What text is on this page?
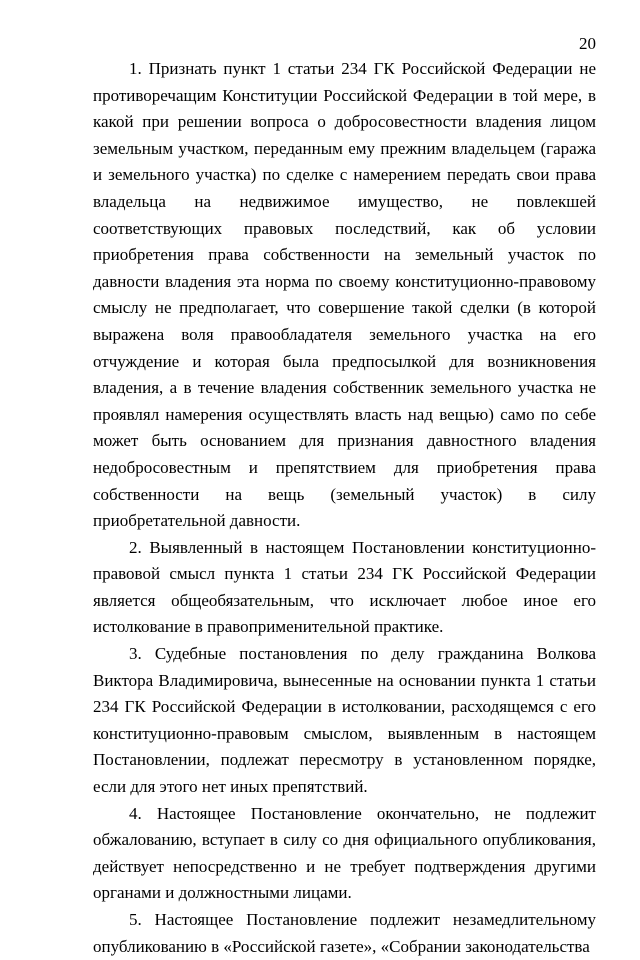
20

1. Признать пункт 1 статьи 234 ГК Российской Федерации не противоречащим Конституции Российской Федерации в той мере, в какой при решении вопроса о добросовестности владения лицом земельным участком, переданным ему прежним владельцем (гаража и земельного участка) по сделке с намерением передать свои права владельца на недвижимое имущество, не повлекшей соответствующих правовых последствий, как об условии приобретения права собственности на земельный участок по давности владения эта норма по своему конституционно-правовому смыслу не предполагает, что совершение такой сделки (в которой выражена воля правообладателя земельного участка на его отчуждение и которая была предпосылкой для возникновения владения, а в течение владения собственник земельного участка не проявлял намерения осуществлять власть над вещью) само по себе может быть основанием для признания давностного владения недобросовестным и препятствием для приобретения права собственности на вещь (земельный участок) в силу приобретательной давности.

2. Выявленный в настоящем Постановлении конституционно-правовой смысл пункта 1 статьи 234 ГК Российской Федерации является общеобязательным, что исключает любое иное его истолкование в правоприменительной практике.

3. Судебные постановления по делу гражданина Волкова Виктора Владимировича, вынесенные на основании пункта 1 статьи 234 ГК Российской Федерации в истолковании, расходящемся с его конституционно-правовым смыслом, выявленным в настоящем Постановлении, подлежат пересмотру в установленном порядке, если для этого нет иных препятствий.

4. Настоящее Постановление окончательно, не подлежит обжалованию, вступает в силу со дня официального опубликования, действует непосредственно и не требует подтверждения другими органами и должностными лицами.

5. Настоящее Постановление подлежит незамедлительному опубликованию в «Российской газете», «Собрании законодательства
